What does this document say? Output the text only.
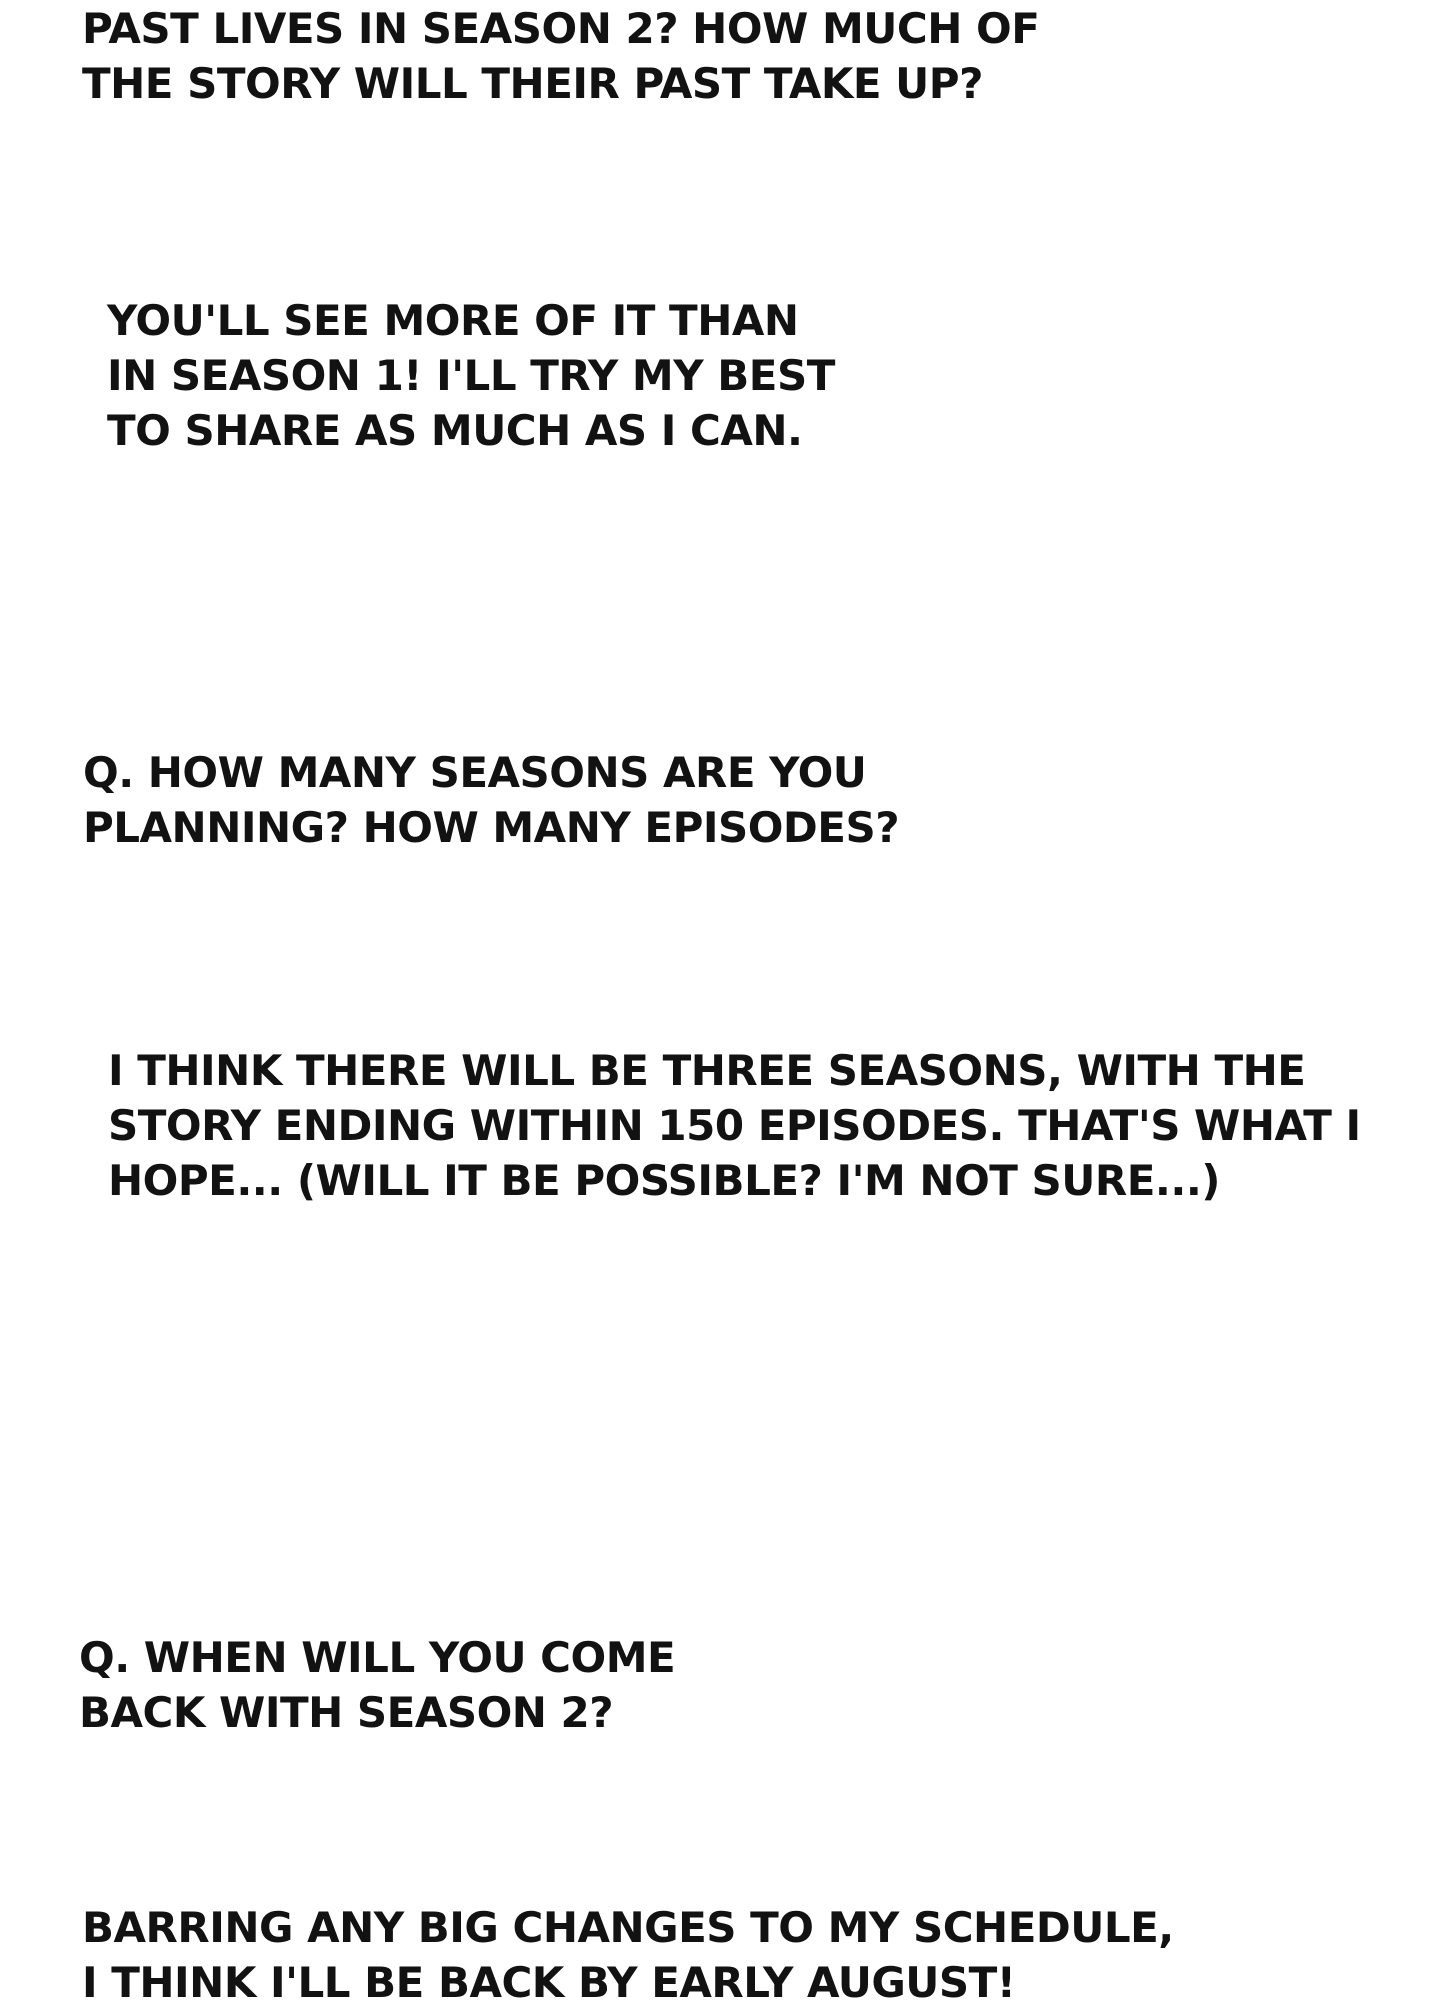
PAST LIVES IN SEASON 2? HOW MUCH OF
THE STORY WILL THEIR PAST TAKE UP?
YOU'LL SEE MORE OF IT THAN
IN SEASON 1! I'LL TRY MY BEST
TO SHARE AS MUCH AS I CAN.
Q. HOW MANY SEASONS ARE YOU
PLANNING? HOW MANY EPISODES?
I THINK THERE WILL BE THREE SEASONS, WITH THE
STORY ENDING WITHIN 150 EPISODES. THAT'S WHAT I
HOPE... (WILL IT BE POSSIBLE? I'M NOT SURE...)
Q. WHEN WILL YOU COME
BACK WITH SEASON 2?
BARRING ANY BIG CHANGES TO MY SCHEDULE,
I THINK I'LL BE BACK BY EARLY AUGUST!
